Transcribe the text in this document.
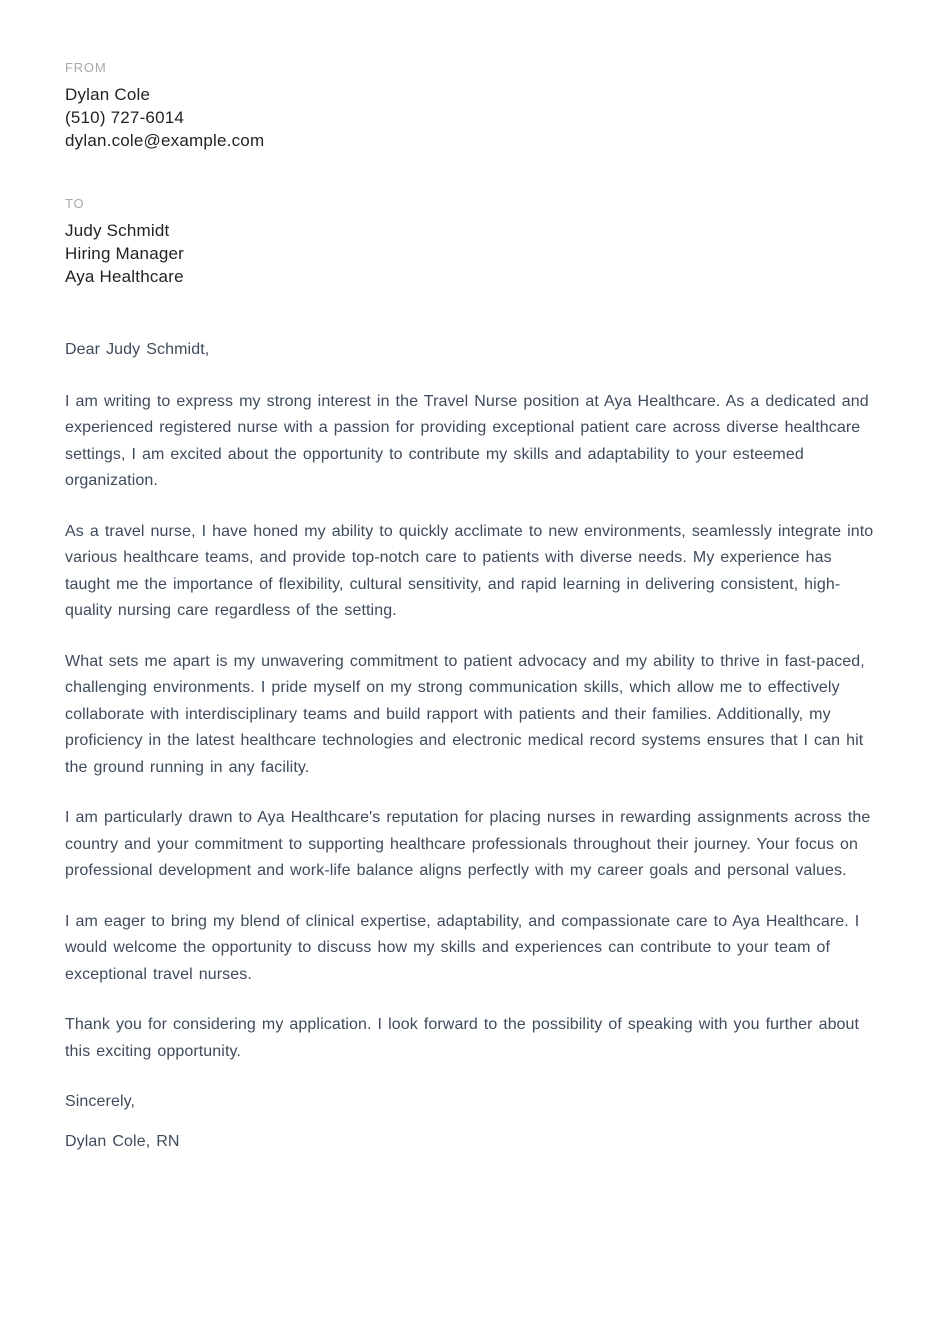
FROM
Dylan Cole
(510) 727-6014
dylan.cole@example.com
TO
Judy Schmidt
Hiring Manager
Aya Healthcare

Dear Judy Schmidt,

I am writing to express my strong interest in the Travel Nurse position at Aya Healthcare. As a dedicated and experienced registered nurse with a passion for providing exceptional patient care across diverse healthcare settings, I am excited about the opportunity to contribute my skills and adaptability to your esteemed organization.

As a travel nurse, I have honed my ability to quickly acclimate to new environments, seamlessly integrate into various healthcare teams, and provide top-notch care to patients with diverse needs. My experience has taught me the importance of flexibility, cultural sensitivity, and rapid learning in delivering consistent, high-quality nursing care regardless of the setting.

What sets me apart is my unwavering commitment to patient advocacy and my ability to thrive in fast-paced, challenging environments. I pride myself on my strong communication skills, which allow me to effectively collaborate with interdisciplinary teams and build rapport with patients and their families. Additionally, my proficiency in the latest healthcare technologies and electronic medical record systems ensures that I can hit the ground running in any facility.

I am particularly drawn to Aya Healthcare's reputation for placing nurses in rewarding assignments across the country and your commitment to supporting healthcare professionals throughout their journey. Your focus on professional development and work-life balance aligns perfectly with my career goals and personal values.

I am eager to bring my blend of clinical expertise, adaptability, and compassionate care to Aya Healthcare. I would welcome the opportunity to discuss how my skills and experiences can contribute to your team of exceptional travel nurses.

Thank you for considering my application. I look forward to the possibility of speaking with you further about this exciting opportunity.

Sincerely,

Dylan Cole, RN
